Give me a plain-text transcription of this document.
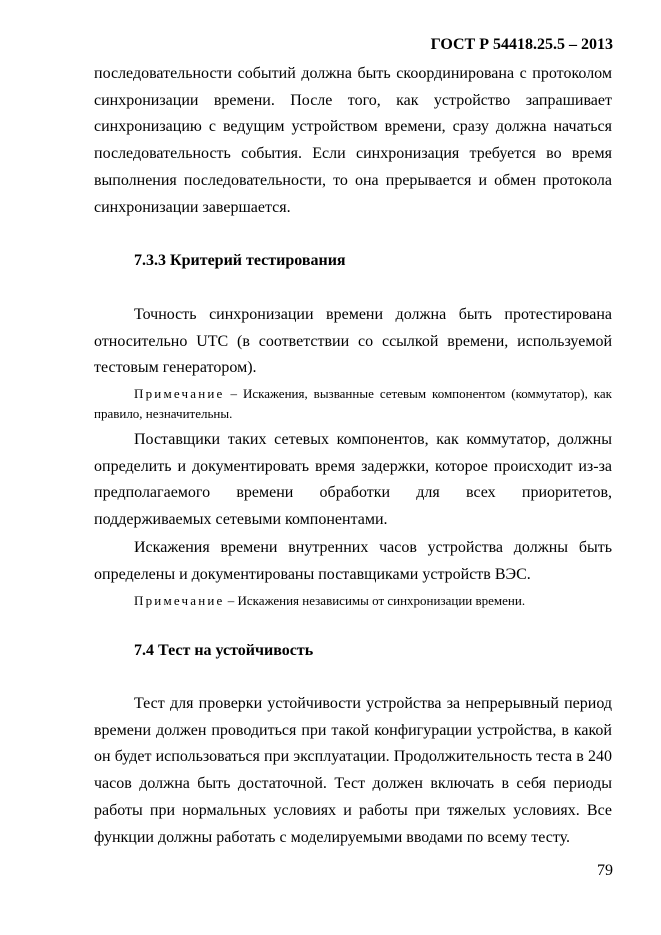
ГОСТ Р 54418.25.5 – 2013

последовательности событий должна быть скоординирована с протоколом синхронизации времени. После того, как устройство запрашивает синхронизацию с ведущим устройством времени, сразу должна начаться последовательность события. Если синхронизация требуется во время выполнения последовательности, то она прерывается и обмен протокола синхронизации завершается.

7.3.3 Критерий тестирования

Точность синхронизации времени должна быть протестирована относительно UTC (в соответствии со ссылкой времени, используемой тестовым генератором).

Примечание – Искажения, вызванные сетевым компонентом (коммутатор), как правило, незначительны.

Поставщики таких сетевых компонентов, как коммутатор, должны определить и документировать время задержки, которое происходит из-за предполагаемого времени обработки для всех приоритетов, поддерживаемых сетевыми компонентами.

Искажения времени внутренних часов устройства должны быть определены и документированы поставщиками устройств ВЭС.

Примечание – Искажения независимы от синхронизации времени.

7.4 Тест на устойчивость

Тест для проверки устойчивости устройства за непрерывный период времени должен проводиться при такой конфигурации устройства, в какой он будет использоваться при эксплуатации. Продолжительность теста в 240 часов должна быть достаточной. Тест должен включать в себя периоды работы при нормальных условиях и работы при тяжелых условиях. Все функции должны работать с моделируемыми вводами по всему тесту.

79
